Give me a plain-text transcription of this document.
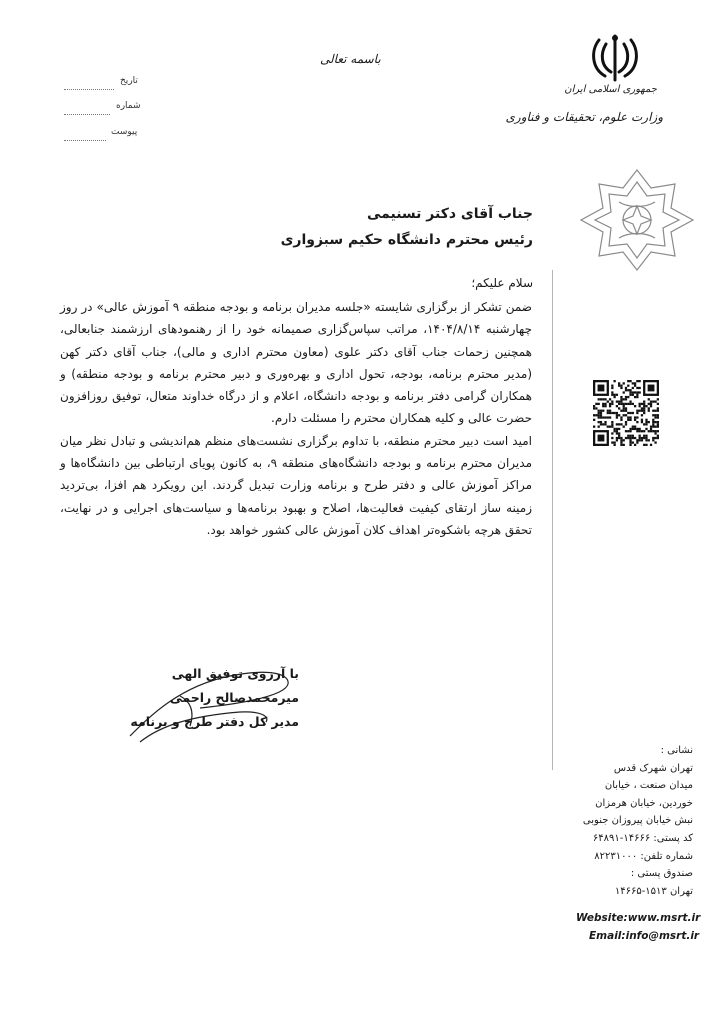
جمهوری اسلامی ایران
وزارت علوم، تحقیقات و فناوری
باسمه تعالی
تاریخ
شماره
پیوست
جناب آقای دکتر تسنیمی
رئیس محترم دانشگاه حکیم سبزواری
سلام علیکم؛

ضمن تشکر از برگزاری شایسته «جلسه مدیران برنامه و بودجه منطقه ۹ آموزش عالی» در روز چهارشنبه ۱۴۰۴/۸/۱۴، مراتب سپاس‌گزاری صمیمانه خود را از رهنمودهای ارزشمند جنابعالی، همچنین زحمات جناب آقای دکتر علوی (معاون محترم اداری و مالی)، جناب آقای دکتر کهن (مدیر محترم برنامه، بودجه، تحول اداری و بهره‌وری و دبیر محترم برنامه و بودجه منطقه) و همکاران گرامی دفتر برنامه و بودجه دانشگاه، اعلام و از درگاه خداوند متعال، توفیق روزافزون حضرت عالی و کلیه همکاران محترم را مسئلت دارم.

امید است دبیر محترم منطقه، با تداوم برگزاری نشست‌های منظم هم‌اندیشی و تبادل نظر میان مدیران محترم برنامه و بودجه دانشگاه‌های منطقه ۹، به کانون پویای ارتباطی بین دانشگاه‌ها و مراکز آموزش عالی و دفتر طرح و برنامه وزارت تبدیل گردند. این رویکرد هم افزا، بی‌تردید زمینه ساز ارتقای کیفیت فعالیت‌ها، اصلاح و بهبود برنامه‌ها و سیاست‌های اجرایی و در نهایت، تحقق هرچه باشکوه‌تر اهداف کلان آموزش عالی کشور خواهد بود.

با آرزوی توفیق الهی
میرمحمدصالح راحمی
مدیر کل دفتر طرح و برنامه
نشانی :
تهران شهرک قدس
میدان صنعت ، خیابان
خوردین، خیابان هرمزان
نبش خیابان پیروزان جنوبی
کد پستی: ۱۴۶۶۶-۶۴۸۹۱
شماره تلفن: ۸۲۲۳۱۰۰۰
صندوق پستی :
تهران ۱۵۱۳-۱۴۶۶۵
Website:www.msrt.ir
Email:info@msrt.ir
